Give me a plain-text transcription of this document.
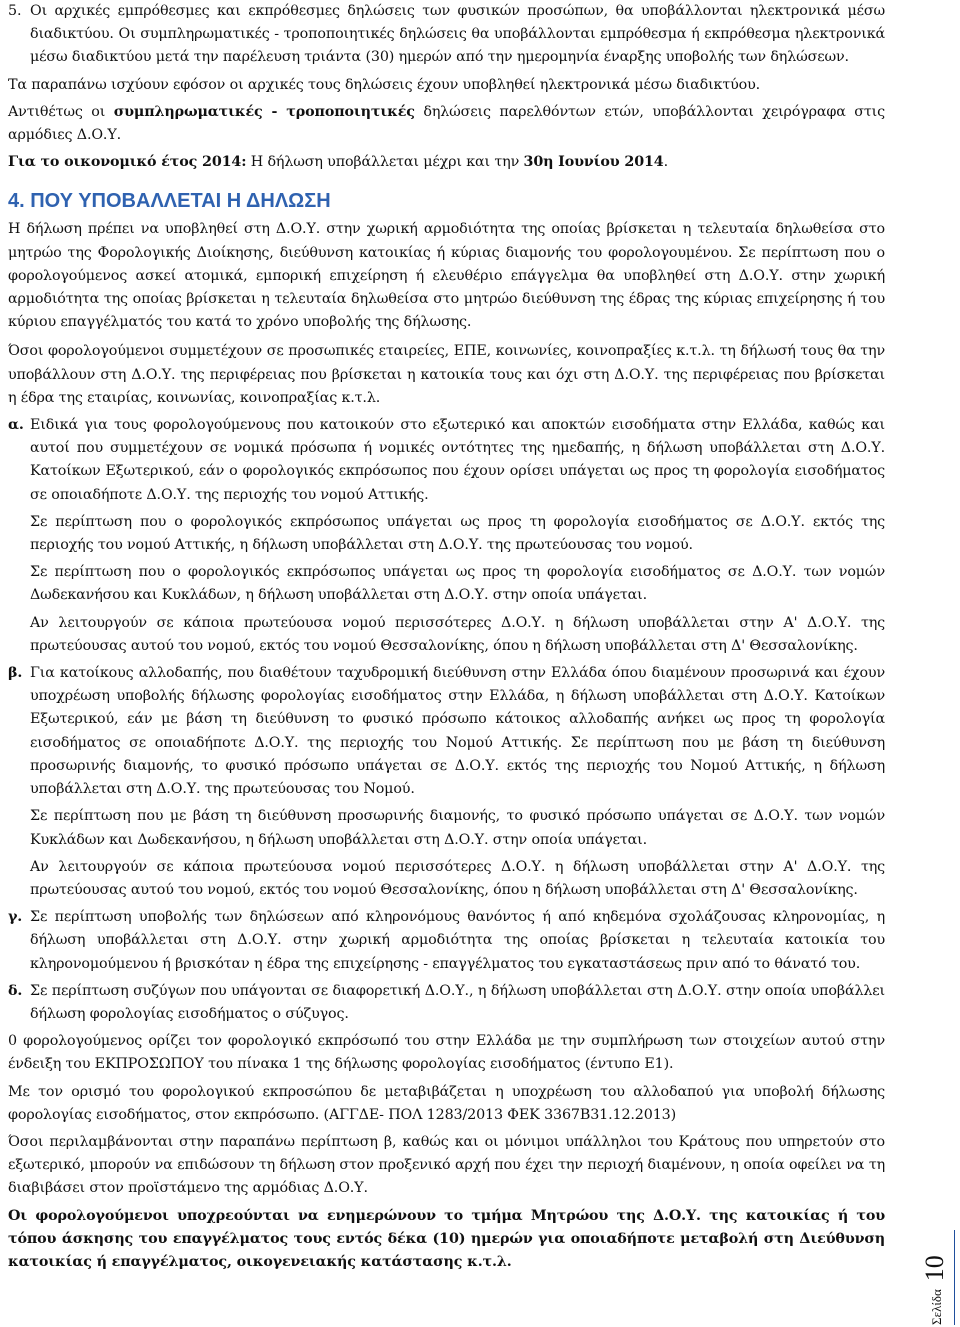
5. Οι αρχικές εμπρόθεσμες και εκπρόθεσμες δηλώσεις των φυσικών προσώπων, θα υποβάλλονται ηλεκτρονικά μέσω διαδικτύου. Οι συμπληρωματικές - τροποποιητικές δηλώσεις θα υποβάλλονται εμπρόθεσμα ή εκπρόθεσμα ηλεκτρονικά μέσω διαδικτύου μετά την παρέλευση τριάντα (30) ημερών από την ημερομηνία έναρξης υποβολής των δηλώσεων.

Τα παραπάνω ισχύουν εφόσον οι αρχικές τους δηλώσεις έχουν υποβληθεί ηλεκτρονικά μέσω διαδικτύου.

Αντιθέτως οι συμπληρωματικές - τροποποιητικές δηλώσεις παρελθόντων ετών, υποβάλλονται χειρόγραφα στις αρμόδιες Δ.Ο.Υ.

Για το οικονομικό έτος 2014: Η δήλωση υποβάλλεται μέχρι και την 30η Ιουνίου 2014.

4. ΠΟΥ ΥΠΟΒΑΛΛΕΤΑΙ Η ΔΗΛΩΣΗ

Η δήλωση πρέπει να υποβληθεί στη Δ.Ο.Υ. στην χωρική αρμοδιότητα της οποίας βρίσκεται η τελευταία δηλωθείσα στο μητρώο της Φορολογικής Διοίκησης, διεύθυνση κατοικίας ή κύριας διαμονής του φορολογουμένου. Σε περίπτωση που ο φορολογούμενος ασκεί ατομικά, εμπορική επιχείρηση ή ελευθέριο επάγγελμα θα υποβληθεί στη Δ.Ο.Υ. στην χωρική αρμοδιότητα της οποίας βρίσκεται η τελευταία δηλωθείσα στο μητρώο διεύθυνση της έδρας της κύριας επιχείρησης ή του κύριου επαγγέλματός του κατά το χρόνο υποβολής της δήλωσης.

Όσοι φορολογούμενοι συμμετέχουν σε προσωπικές εταιρείες, ΕΠΕ, κοινωνίες, κοινοπραξίες κ.τ.λ. τη δήλωσή τους θα την υποβάλλουν στη Δ.Ο.Υ. της περιφέρειας που βρίσκεται η κατοικία τους και όχι στη Δ.Ο.Υ. της περιφέρειας που βρίσκεται η έδρα της εταιρίας, κοινωνίας, κοινοπραξίας κ.τ.λ.

α. Ειδικά για τους φορολογούμενους που κατοικούν στο εξωτερικό και αποκτών εισοδήματα στην Ελλάδα, καθώς και αυτοί που συμμετέχουν σε νομικά πρόσωπα ή νομικές οντότητες της ημεδαπής, η δήλωση υποβάλλεται στη Δ.Ο.Υ. Κατοίκων Εξωτερικού, εάν ο φορολογικός εκπρόσωπος που έχουν ορίσει υπάγεται ως προς τη φορολογία εισοδήματος σε οποιαδήποτε Δ.Ο.Υ. της περιοχής του νομού Αττικής.

Σε περίπτωση που ο φορολογικός εκπρόσωπος υπάγεται ως προς τη φορολογία εισοδήματος σε Δ.Ο.Υ. εκτός της περιοχής του νομού Αττικής, η δήλωση υποβάλλεται στη Δ.Ο.Υ. της πρωτεύουσας του νομού.

Σε περίπτωση που ο φορολογικός εκπρόσωπος υπάγεται ως προς τη φορολογία εισοδήματος σε Δ.Ο.Υ. των νομών Δωδεκανήσου και Κυκλάδων, η δήλωση υποβάλλεται στη Δ.Ο.Υ. στην οποία υπάγεται.

Αν λειτουργούν σε κάποια πρωτεύουσα νομού περισσότερες Δ.Ο.Υ. η δήλωση υποβάλλεται στην Α' Δ.Ο.Υ. της πρωτεύουσας αυτού του νομού, εκτός του νομού Θεσσαλονίκης, όπου η δήλωση υποβάλλεται στη Δ' Θεσσαλονίκης.

β. Για κατοίκους αλλοδαπής, που διαθέτουν ταχυδρομική διεύθυνση στην Ελλάδα όπου διαμένουν προσωρινά και έχουν υποχρέωση υποβολής δήλωσης φορολογίας εισοδήματος στην Ελλάδα, η δήλωση υποβάλλεται στη Δ.Ο.Υ. Κατοίκων Εξωτερικού, εάν με βάση τη διεύθυνση το φυσικό πρόσωπο κάτοικος αλλοδαπής ανήκει ως προς τη φορολογία εισοδήματος σε οποιαδήποτε Δ.Ο.Υ. της περιοχής του Νομού Αττικής. Σε περίπτωση που με βάση τη διεύθυνση προσωρινής διαμονής, το φυσικό πρόσωπο υπάγεται σε Δ.Ο.Υ. εκτός της περιοχής του Νομού Αττικής, η δήλωση υποβάλλεται στη Δ.Ο.Υ. της πρωτεύουσας του Νομού.

Σε περίπτωση που με βάση τη διεύθυνση προσωρινής διαμονής, το φυσικό πρόσωπο υπάγεται σε Δ.Ο.Υ. των νομών Κυκλάδων και Δωδεκανήσου, η δήλωση υποβάλλεται στη Δ.Ο.Υ. στην οποία υπάγεται.

Αν λειτουργούν σε κάποια πρωτεύουσα νομού περισσότερες Δ.Ο.Υ. η δήλωση υποβάλλεται στην Α' Δ.Ο.Υ. της πρωτεύουσας αυτού του νομού, εκτός του νομού Θεσσαλονίκης, όπου η δήλωση υποβάλλεται στη Δ' Θεσσαλονίκης.

γ. Σε περίπτωση υποβολής των δηλώσεων από κληρονόμους θανόντος ή από κηδεμόνα σχολάζουσας κληρονομίας, η δήλωση υποβάλλεται στη Δ.Ο.Υ. στην χωρική αρμοδιότητα της οποίας βρίσκεται η τελευταία κατοικία του κληρονομούμενου ή βρισκόταν η έδρα της επιχείρησης - επαγγέλματος του εγκαταστάσεως πριν από το θάνατό του.

δ. Σε περίπτωση συζύγων που υπάγονται σε διαφορετική Δ.Ο.Υ., η δήλωση υποβάλλεται στη Δ.Ο.Υ. στην οποία υποβάλλει δήλωση φορολογίας εισοδήματος ο σύζυγος.

0 φορολογούμενος ορίζει τον φορολογικό εκπρόσωπό του στην Ελλάδα με την συμπλήρωση των στοιχείων αυτού στην ένδειξη του ΕΚΠΡΟΣΩΠΟΥ του πίνακα 1 της δήλωσης φορολογίας εισοδήματος (έντυπο Ε1).

Με τον ορισμό του φορολογικού εκπροσώπου δε μεταβιβάζεται η υποχρέωση του αλλοδαπού για υποβολή δήλωσης φορολογίας εισοδήματος, στον εκπρόσωπο. (ΑΓΓΔΕ- ΠΟΛ 1283/2013 ΦΕΚ 3367Β31.12.2013)

Όσοι περιλαμβάνονται στην παραπάνω περίπτωση β, καθώς και οι μόνιμοι υπάλληλοι του Κράτους που υπηρετούν στο εξωτερικό, μπορούν να επιδώσουν τη δήλωση στον προξενικό αρχή που έχει την περιοχή διαμένουν, η οποία οφείλει να τη διαβιβάσει στον προϊστάμενο της αρμόδιας Δ.Ο.Υ.

Οι φορολογούμενοι υποχρεούνται να ενημερώνουν το τμήμα Μητρώου της Δ.Ο.Υ. της κατοικίας ή του τόπου άσκησης του επαγγέλματος τους εντός δέκα (10) ημερών για οποιαδήποτε μεταβολή στη Διεύθυνση κατοικίας ή επαγγέλματος, οικογενειακής κατάστασης κ.τ.λ.

Σελίδα10
